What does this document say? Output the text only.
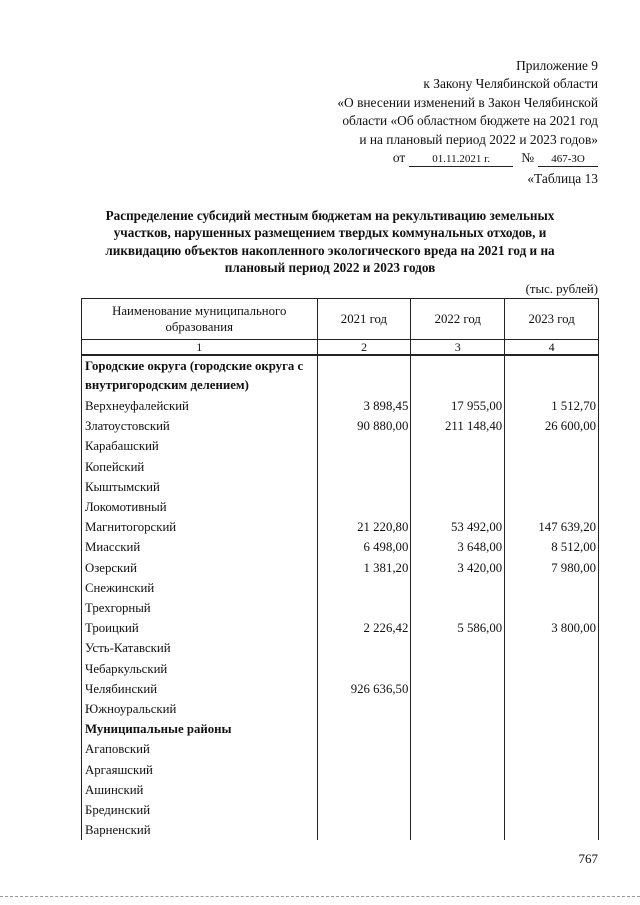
Приложение 9
к Закону Челябинской области
«О внесении изменений в Закон Челябинской
области «Об областном бюджете на 2021 год
и на плановый период 2022 и 2023 годов»
от	01.11.2021 г.	№	467-ЗО
«Таблица 13
Распределение субсидий местным бюджетам на рекультивацию земельных участков, нарушенных размещением твердых коммунальных отходов, и ликвидацию объектов накопленного экологического вреда на 2021 год и на плановый период 2022 и 2023 годов
(тыс. рублей)
Наименование муниципального образования	2021 год	2022 год	2023 год
1	2	3	4
Городские округа (городские округа с внутригородским делением)			
Верхнеуфалейский	3 898,45	17 955,00	1 512,70
Златоустовский	90 880,00	211 148,40	26 600,00
Карабашский			
Копейский			
Кыштымский			
Локомотивный			
Магнитогорский	21 220,80	53 492,00	147 639,20
Миасский	6 498,00	3 648,00	8 512,00
Озерский	1 381,20	3 420,00	7 980,00
Снежинский			
Трехгорный			
Троицкий	2 226,42	5 586,00	3 800,00
Усть-Катавский			
Чебаркульский			
Челябинский	926 636,50		
Южноуральский			
Муниципальные районы			
Агаповский			
Аргаяшский			
Ашинский			
Брединский			
Варненский			
767
